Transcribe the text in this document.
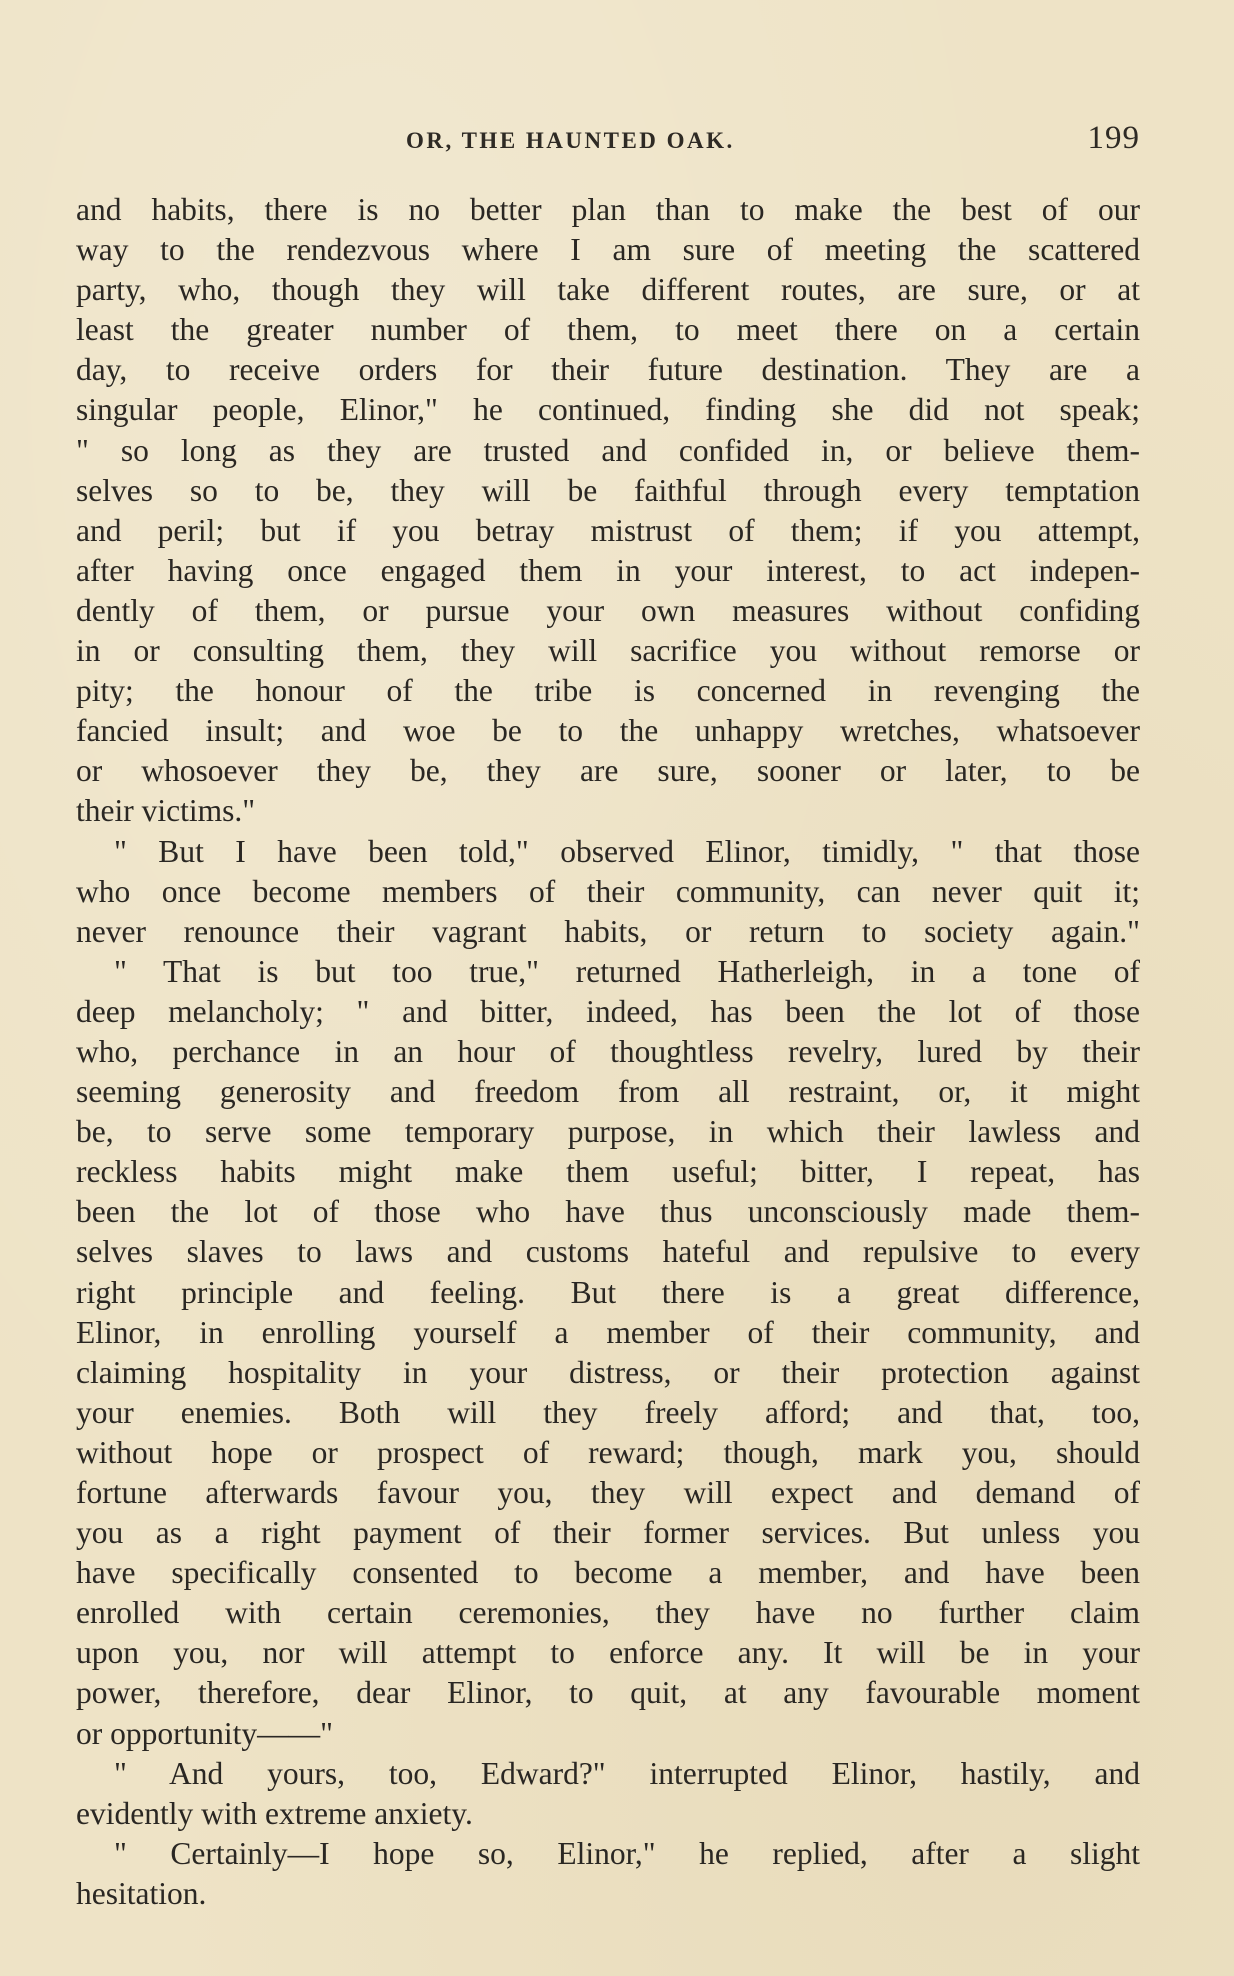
OR, THE HAUNTED OAK.	199
and habits, there is no better plan than to make the best of our
way to the rendezvous where I am sure of meeting the scattered
party, who, though they will take different routes, are sure, or at
least the greater number of them, to meet there on a certain
day, to receive orders for their future destination. They are a
singular people, Elinor," he continued, finding she did not speak;
" so long as they are trusted and confided in, or believe them-
selves so to be, they will be faithful through every temptation
and peril; but if you betray mistrust of them; if you attempt,
after having once engaged them in your interest, to act indepen-
dently of them, or pursue your own measures without confiding
in or consulting them, they will sacrifice you without remorse or
pity; the honour of the tribe is concerned in revenging the
fancied insult; and woe be to the unhappy wretches, whatsoever
or whosoever they be, they are sure, sooner or later, to be
their victims."
" But I have been told," observed Elinor, timidly, " that those
who once become members of their community, can never quit it;
never renounce their vagrant habits, or return to society again."
" That is but too true," returned Hatherleigh, in a tone of
deep melancholy; " and bitter, indeed, has been the lot of those
who, perchance in an hour of thoughtless revelry, lured by their
seeming generosity and freedom from all restraint, or, it might
be, to serve some temporary purpose, in which their lawless and
reckless habits might make them useful; bitter, I repeat, has
been the lot of those who have thus unconsciously made them-
selves slaves to laws and customs hateful and repulsive to every
right principle and feeling. But there is a great difference,
Elinor, in enrolling yourself a member of their community, and
claiming hospitality in your distress, or their protection against
your enemies. Both will they freely afford; and that, too,
without hope or prospect of reward; though, mark you, should
fortune afterwards favour you, they will expect and demand of
you as a right payment of their former services. But unless you
have specifically consented to become a member, and have been
enrolled with certain ceremonies, they have no further claim
upon you, nor will attempt to enforce any. It will be in your
power, therefore, dear Elinor, to quit, at any favourable moment
or opportunity——"
" And yours, too, Edward?" interrupted Elinor, hastily, and
evidently with extreme anxiety.
" Certainly—I hope so, Elinor," he replied, after a slight
hesitation.
